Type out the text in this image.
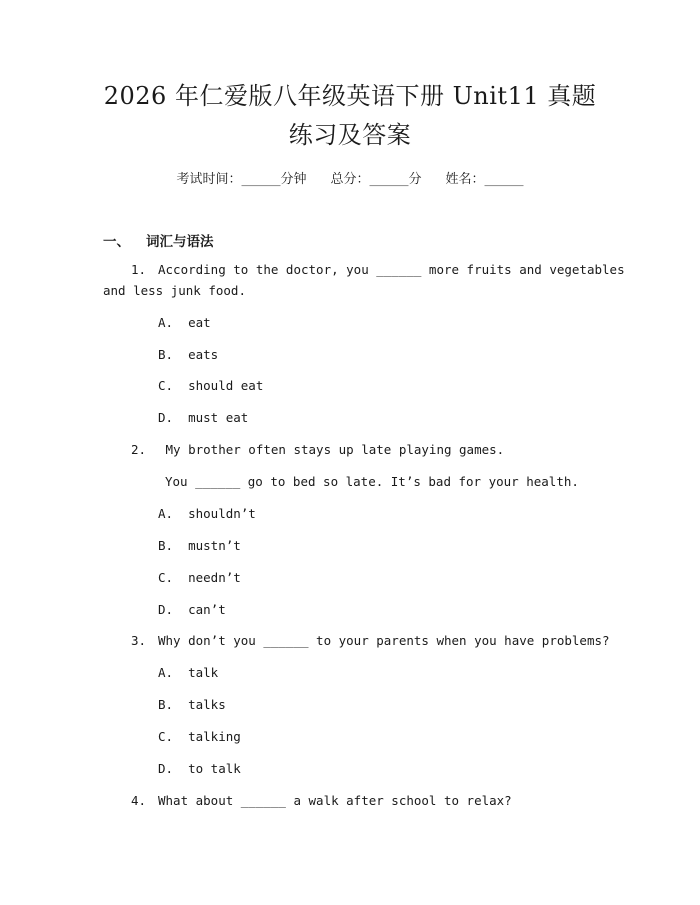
2026 年仁爱版八年级英语下册 Unit11 真题
练习及答案
考试时间：______分钟 总分：______分 姓名：______
一、 词汇与语法
1. According to the doctor, you ______ more fruits and vegetables
and less junk food.
A.  eat
B.  eats
C.  should eat
D.  must eat
2. My brother often stays up late playing games.
You ______ go to bed so late. It’s bad for your health.
A.  shouldn’t
B.  mustn’t
C.  needn’t
D.  can’t
3. Why don’t you ______ to your parents when you have problems?
A.  talk
B.  talks
C.  talking
D.  to talk
4. What about ______ a walk after school to relax?
